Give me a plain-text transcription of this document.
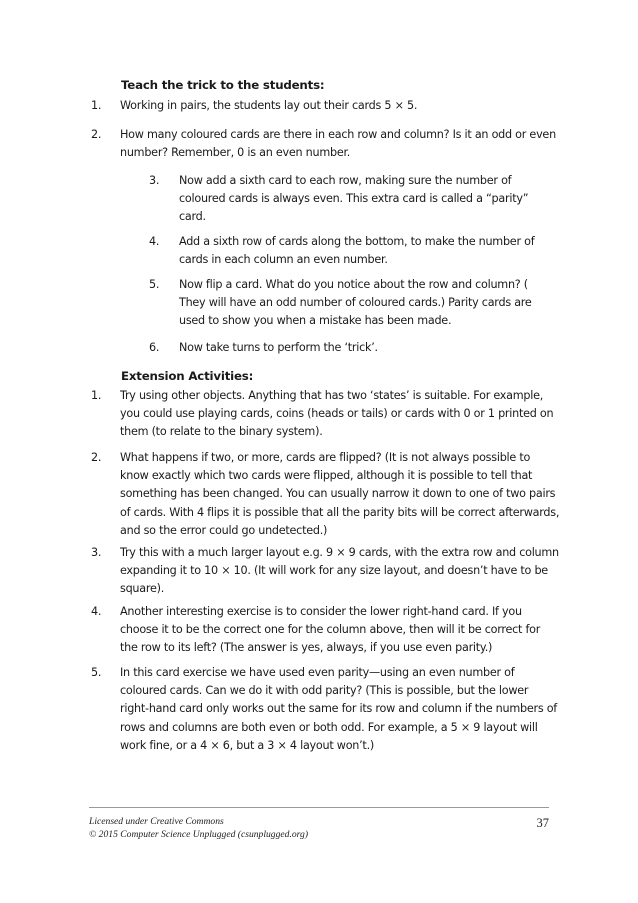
Teach the trick to the students:
1. Working in pairs, the students lay out their cards 5 × 5.
2. How many coloured cards are there in each row and column? Is it an odd or even number? Remember, 0 is an even number.
3. Now add a sixth card to each row, making sure the number of coloured cards is always even. This extra card is called a “parity” card.
4. Add a sixth row of cards along the bottom, to make the number of cards in each column an even number.
5. Now flip a card. What do you notice about the row and column? ( They will have an odd number of coloured cards.) Parity cards are used to show you when a mistake has been made.
6. Now take turns to perform the ‘trick’.
Extension Activities:
1. Try using other objects. Anything that has two ‘states’ is suitable. For example, you could use playing cards, coins (heads or tails) or cards with 0 or 1 printed on them (to relate to the binary system).
2. What happens if two, or more, cards are flipped? (It is not always possible to know exactly which two cards were flipped, although it is possible to tell that something has been changed. You can usually narrow it down to one of two pairs of cards. With 4 flips it is possible that all the parity bits will be correct afterwards, and so the error could go undetected.)
3. Try this with a much larger layout e.g. 9 × 9 cards, with the extra row and column expanding it to 10 × 10. (It will work for any size layout, and doesn’t have to be square).
4. Another interesting exercise is to consider the lower right-hand card. If you choose it to be the correct one for the column above, then will it be correct for the row to its left? (The answer is yes, always, if you use even parity.)
5. In this card exercise we have used even parity—using an even number of coloured cards. Can we do it with odd parity? (This is possible, but the lower right-hand card only works out the same for its row and column if the numbers of rows and columns are both even or both odd. For example, a 5 × 9 layout will work fine, or a 4 × 6, but a 3 × 4 layout won’t.)
Licensed under Creative Commons
© 2015 Computer Science Unplugged (csunplugged.org)
37
